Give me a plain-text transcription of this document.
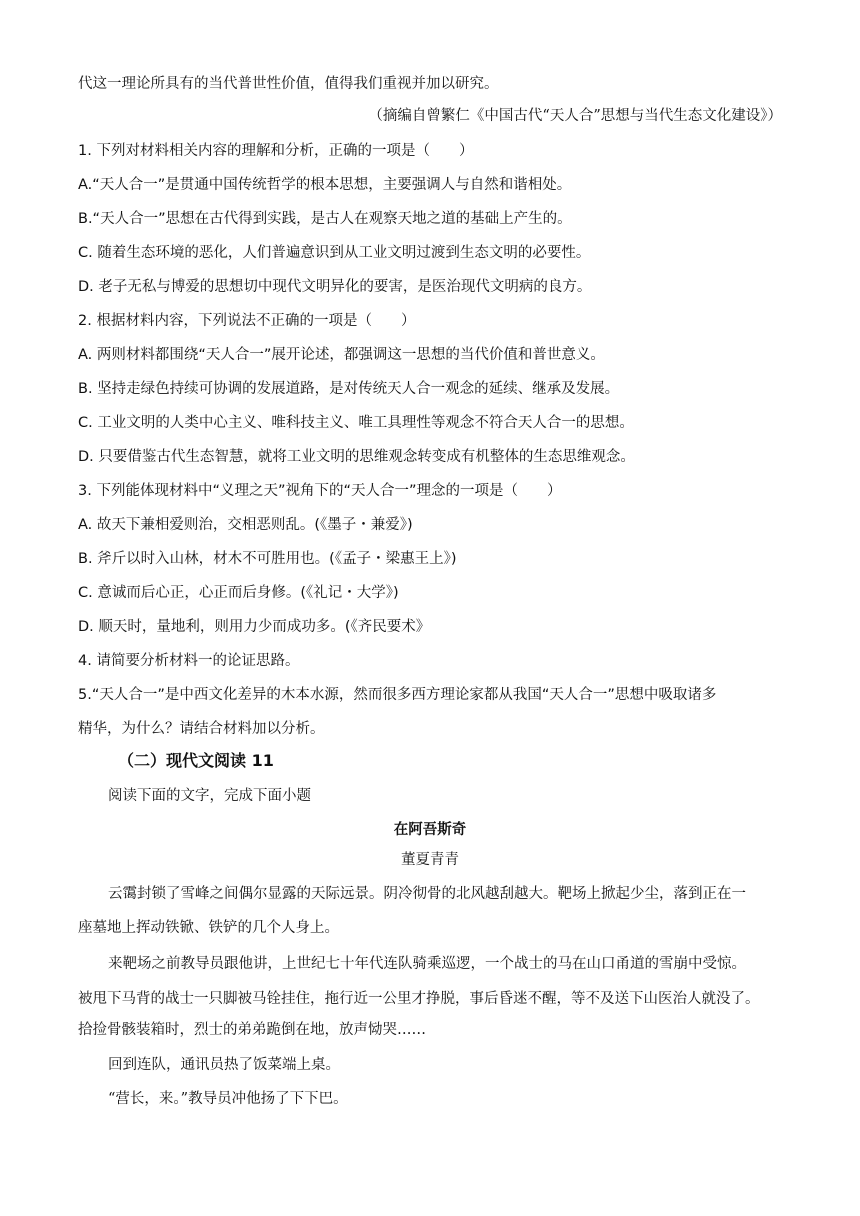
代这一理论所具有的当代普世性价值，值得我们重视并加以研究。
（摘编自曾繁仁《中国古代“天人合”思想与当代生态文化建设》）
1. 下列对材料相关内容的理解和分析，正确的一项是（　　）
A.“天人合一”是贯通中国传统哲学的根本思想，主要强调人与自然和谐相处。
B.“天人合一”思想在古代得到实践，是古人在观察天地之道的基础上产生的。
C. 随着生态环境的恶化，人们普遍意识到从工业文明过渡到生态文明的必要性。
D. 老子无私与博爱的思想切中现代文明异化的要害，是医治现代文明病的良方。
2. 根据材料内容，下列说法不正确的一项是（　　）
A. 两则材料都围绕“天人合一”展开论述，都强调这一思想的当代价值和普世意义。
B. 坚持走绿色持续可协调的发展道路，是对传统天人合一观念的延续、继承及发展。
C. 工业文明的人类中心主义、唯科技主义、唯工具理性等观念不符合天人合一的思想。
D. 只要借鉴古代生态智慧，就将工业文明的思维观念转变成有机整体的生态思维观念。
3. 下列能体现材料中“义理之天”视角下的“天人合一”理念的一项是（　　）
A. 故天下兼相爱则治，交相恶则乱。(《墨子・兼爱》)
B. 斧斤以时入山林，材木不可胜用也。(《孟子・梁惠王上》)
C. 意诚而后心正，心正而后身修。(《礼记・大学》)
D. 顺天时，量地利，则用力少而成功多。(《齐民要术》
4. 请简要分析材料一的论证思路。
5.“天人合一”是中西文化差异的木本水源，然而很多西方理论家都从我国“天人合一”思想中吸取诸多
精华，为什么？请结合材料加以分析。
（二）现代文阅读 11
阅读下面的文字，完成下面小题
在阿吾斯奇
董夏青青
云霭封锁了雪峰之间偶尔显露的天际远景。阴冷彻骨的北风越刮越大。靶场上掀起少尘，落到正在一
座墓地上挥动铁锨、铁铲的几个人身上。
来靶场之前教导员跟他讲，上世纪七十年代连队骑乘巡逻，一个战士的马在山口甬道的雪崩中受惊。
被甩下马背的战士一只脚被马铨挂住，拖行近一公里才挣脱，事后昏迷不醒，等不及送下山医治人就没了。
拾捡骨骸装箱时，烈士的弟弟跪倒在地，放声恸哭……
回到连队，通讯员热了饭菜端上桌。
“营长，来。”教导员冲他扬了下下巴。
